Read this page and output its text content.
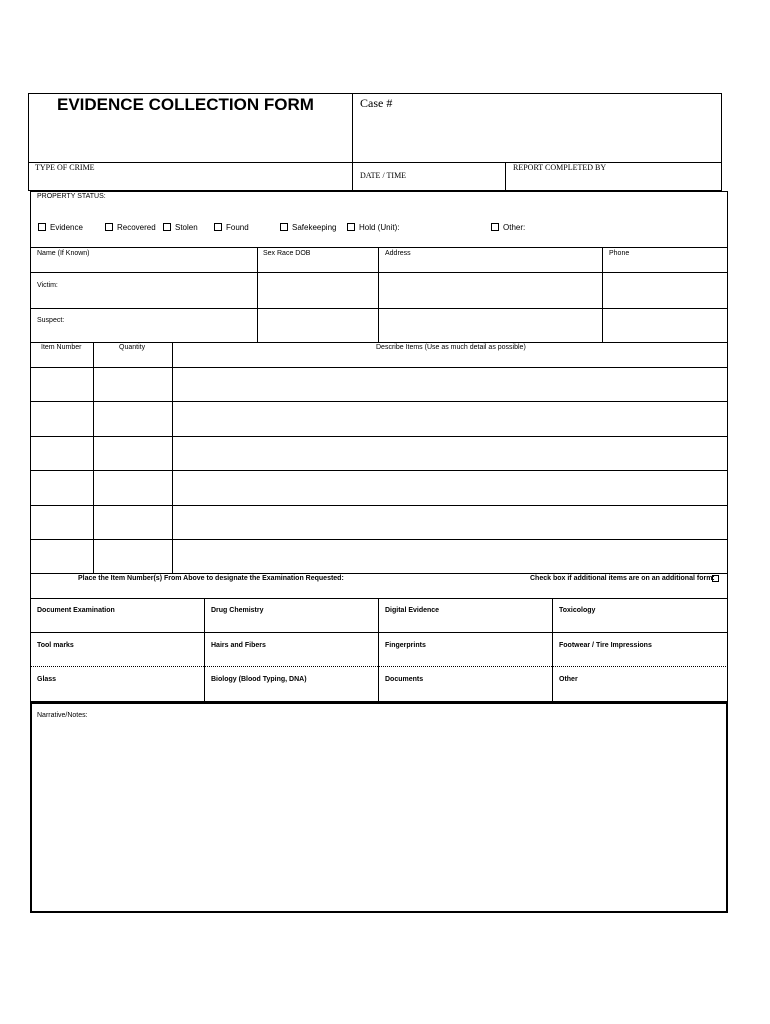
EVIDENCE COLLECTION FORM	Case #
TYPE OF CRIME
DATE / TIME
REPORT COMPLETED BY
PROPERTY STATUS:
Evidence	Recovered	Stolen	Found	Safekeeping	Hold (Unit):	Other:
Name (If Known)	Sex Race DOB	Address	Phone
Victim:
Suspect:
Item Number	Quantity	Describe Items (Use as much detail as possible)
Place the Item Number(s) From Above to designate the Examination Requested:	Check box if additional items are on an additional form:
Document Examination	Drug Chemistry	Digital Evidence	Toxicology
Tool marks	Hairs and Fibers	Fingerprints	Footwear / Tire Impressions
Glass	Biology (Blood Typing, DNA)	Documents	Other
Narrative/Notes:
